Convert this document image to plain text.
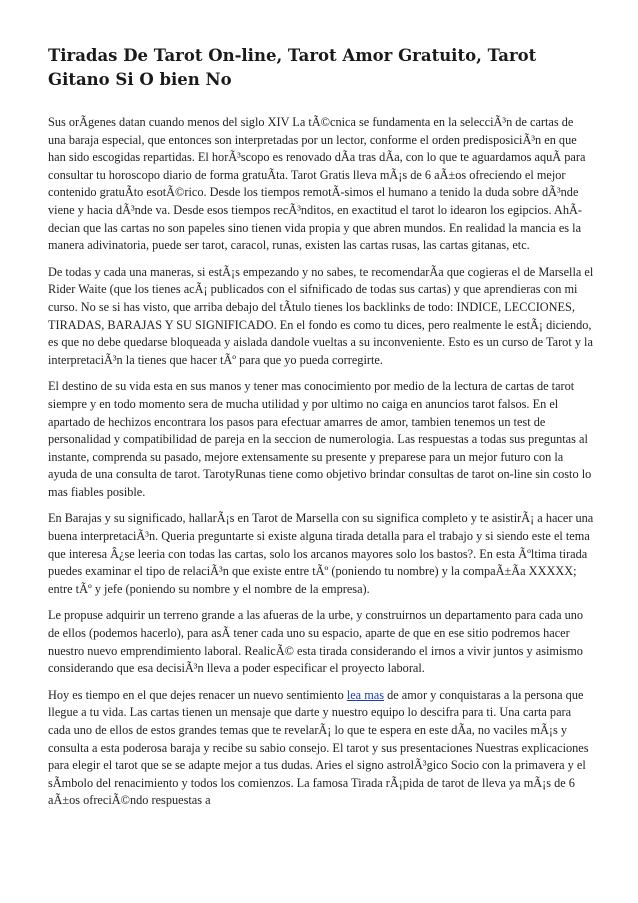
Tiradas De Tarot On-line, Tarot Amor Gratuito, Tarot Gitano Si O bien No

Sus orÃgenes datan cuando menos del siglo XIV La tÃ©cnica se fundamenta en la selecciÃ³n de cartas de una baraja especial, que entonces son interpretadas por un lector, conforme el orden predisposiciÃ³n en que han sido escogidas repartidas. El horÃ³scopo es renovado dÃa tras dÃa, con lo que te aguardamos aquÃ para consultar tu horoscopo diario de forma gratuÃta. Tarot Gratis lleva mÃ¡s de 6 aÃ±os ofreciendo el mejor contenido gratuÃto esotÃ©rico. Desde los tiempos remotÃ-simos el humano a tenido la duda sobre dÃ³nde viene y hacia dÃ³nde va. Desde esos tiempos recÃ³nditos, en exactitud el tarot lo idearon los egipcios. AhÃ decian que las cartas no son papeles sino tienen vida propia y que abren mundos. En realidad la mancia es la manera adivinatoria, puede ser tarot, caracol, runas, existen las cartas rusas, las cartas gitanas, etc.

De todas y cada una maneras, si estÃ¡s empezando y no sabes, te recomendarÃa que cogieras el de Marsella el Rider Waite (que los tienes acÃ¡ publicados con el sifnificado de todas sus cartas) y que aprendieras con mi curso. No se si has visto, que arriba debajo del tÃtulo tienes los backlinks de todo: INDICE, LECCIONES, TIRADAS, BARAJAS Y SU SIGNIFICADO. En el fondo es como tu dices, pero realmente le estÃ¡ diciendo, es que no debe quedarse bloqueada y aislada dandole vueltas a su inconveniente. Esto es un curso de Tarot y la interpretaciÃ³n la tienes que hacer tÃº para que yo pueda corregirte.

El destino de su vida esta en sus manos y tener mas conocimiento por medio de la lectura de cartas de tarot siempre y en todo momento sera de mucha utilidad y por ultimo no caiga en anuncios tarot falsos. En el apartado de hechizos encontrara los pasos para efectuar amarres de amor, tambien tenemos un test de personalidad y compatibilidad de pareja en la seccion de numerologia. Las respuestas a todas sus preguntas al instante, comprenda su pasado, mejore extensamente su presente y preparese para un mejor futuro con la ayuda de una consulta de tarot. TarotyRunas tiene como objetivo brindar consultas de tarot on-line sin costo lo mas fiables posible.

En Barajas y su significado, hallarÃ¡s en Tarot de Marsella con su significa completo y te asistirÃ¡ a hacer una buena interpretaciÃ³n. Queria preguntarte si existe alguna tirada detalla para el trabajo y si siendo este el tema que interesa Â¿se leeria con todas las cartas, solo los arcanos mayores solo los bastos?. En esta Ãºltima tirada puedes examinar el tipo de relaciÃ³n que existe entre tÃº (poniendo tu nombre) y la compaÃ±Ãa XXXXX; entre tÃº y jefe (poniendo su nombre y el nombre de la empresa).

Le propuse adquirir un terreno grande a las afueras de la urbe, y construirnos un departamento para cada uno de ellos (podemos hacerlo), para asÃ tener cada uno su espacio, aparte de que en ese sitio podremos hacer nuestro nuevo emprendimiento laboral. RealicÃ© esta tirada considerando el irnos a vivir juntos y asimismo considerando que esa decisiÃ³n lleva a poder especificar el proyecto laboral.

Hoy es tiempo en el que dejes renacer un nuevo sentimiento lea mas de amor y conquistaras a la persona que llegue a tu vida. Las cartas tienen un mensaje que darte y nuestro equipo lo descifra para ti. Una carta para cada uno de ellos de estos grandes temas que te revelarÃ¡ lo que te espera en este dÃa, no vaciles mÃ¡s y consulta a esta poderosa baraja y recibe su sabio consejo. El tarot y sus presentaciones Nuestras explicaciones para elegir el tarot que se se adapte mejor a tus dudas. Aries el signo astrolÃ³gico Socio con la primavera y el sÃmbolo del renacimiento y todos los comienzos. La famosa Tirada rÃ¡pida de tarot de lleva ya mÃ¡s de 6 aÃ±os ofreciÃ©ndo respuestas a
